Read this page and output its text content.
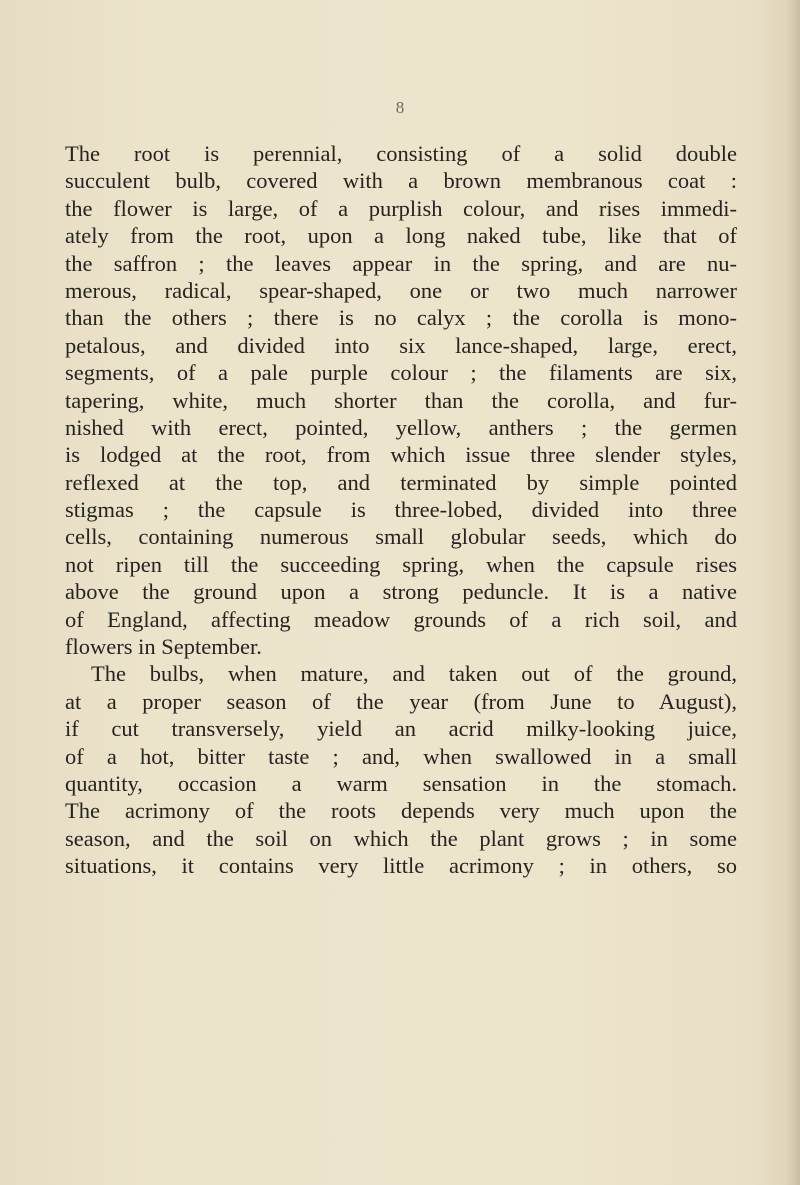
8
The root is perennial, consisting of a solid double
succulent bulb, covered with a brown membranous coat :
the flower is large, of a purplish colour, and rises immedi-
ately from the root, upon a long naked tube, like that of
the saffron ; the leaves appear in the spring, and are nu-
merous, radical, spear-shaped, one or two much narrower
than the others ; there is no calyx ; the corolla is mono-
petalous, and divided into six lance-shaped, large, erect,
segments, of a pale purple colour ; the filaments are six,
tapering, white, much shorter than the corolla, and fur-
nished with erect, pointed, yellow, anthers ; the germen
is lodged at the root, from which issue three slender styles,
reflexed at the top, and terminated by simple pointed
stigmas ; the capsule is three-lobed, divided into three
cells, containing numerous small globular seeds, which do
not ripen till the succeeding spring, when the capsule rises
above the ground upon a strong peduncle. It is a native
of England, affecting meadow grounds of a rich soil, and
flowers in September.
The bulbs, when mature, and taken out of the ground,
at a proper season of the year (from June to August),
if cut transversely, yield an acrid milky-looking juice,
of a hot, bitter taste ; and, when swallowed in a small
quantity, occasion a warm sensation in the stomach.
The acrimony of the roots depends very much upon the
season, and the soil on which the plant grows ; in some
situations, it contains very little acrimony ; in others, so
